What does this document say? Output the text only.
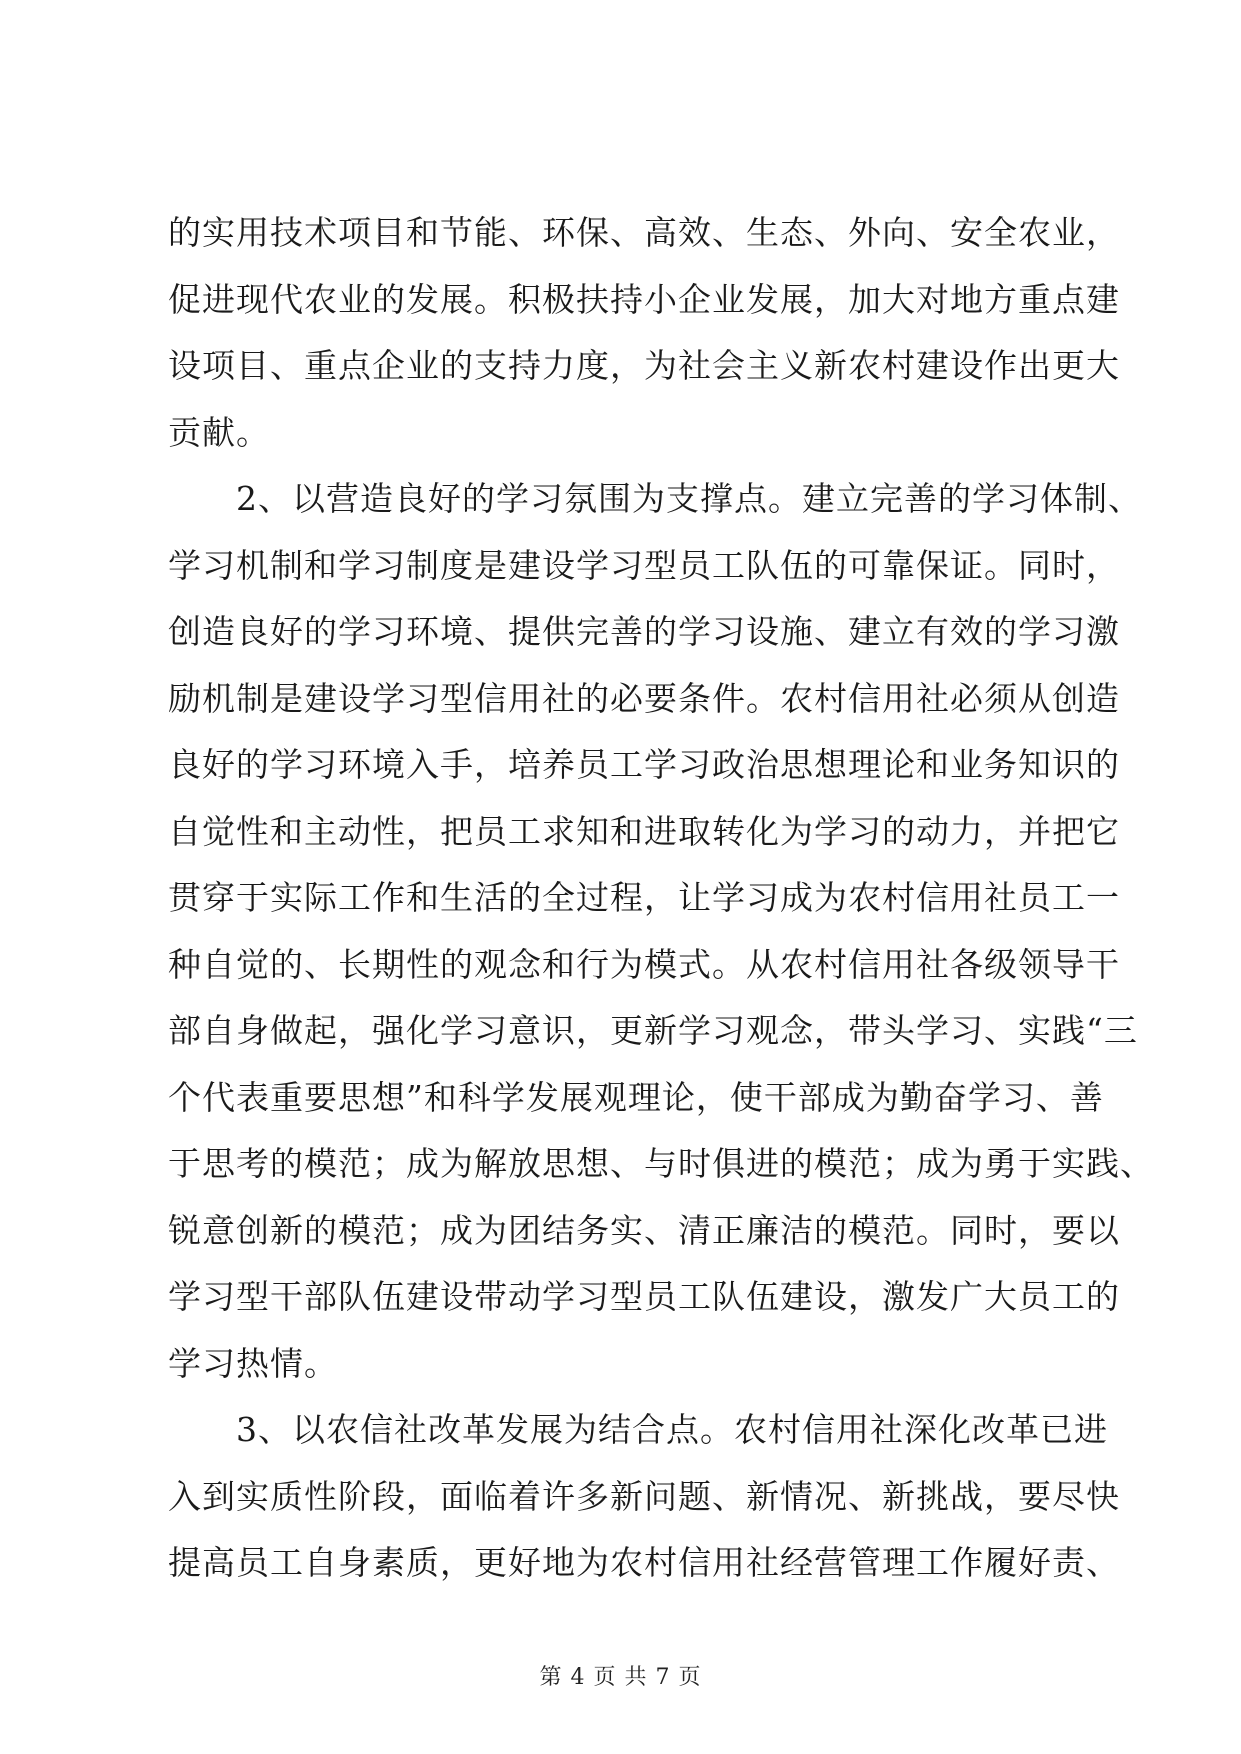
的实用技术项目和节能、环保、高效、生态、外向、安全农业，
促进现代农业的发展。积极扶持小企业发展，加大对地方重点建
设项目、重点企业的支持力度，为社会主义新农村建设作出更大
贡献。
2、以营造良好的学习氛围为支撑点。建立完善的学习体制、
学习机制和学习制度是建设学习型员工队伍的可靠保证。同时，
创造良好的学习环境、提供完善的学习设施、建立有效的学习激
励机制是建设学习型信用社的必要条件。农村信用社必须从创造
良好的学习环境入手，培养员工学习政治思想理论和业务知识的
自觉性和主动性，把员工求知和进取转化为学习的动力，并把它
贯穿于实际工作和生活的全过程，让学习成为农村信用社员工一
种自觉的、长期性的观念和行为模式。从农村信用社各级领导干
部自身做起，强化学习意识，更新学习观念，带头学习、实践“三
个代表重要思想”和科学发展观理论，使干部成为勤奋学习、善
于思考的模范；成为解放思想、与时俱进的模范；成为勇于实践、
锐意创新的模范；成为团结务实、清正廉洁的模范。同时，要以
学习型干部队伍建设带动学习型员工队伍建设，激发广大员工的
学习热情。
3、以农信社改革发展为结合点。农村信用社深化改革已进
入到实质性阶段，面临着许多新问题、新情况、新挑战，要尽快
提高员工自身素质，更好地为农村信用社经营管理工作履好责、
第 4 页 共 7 页
